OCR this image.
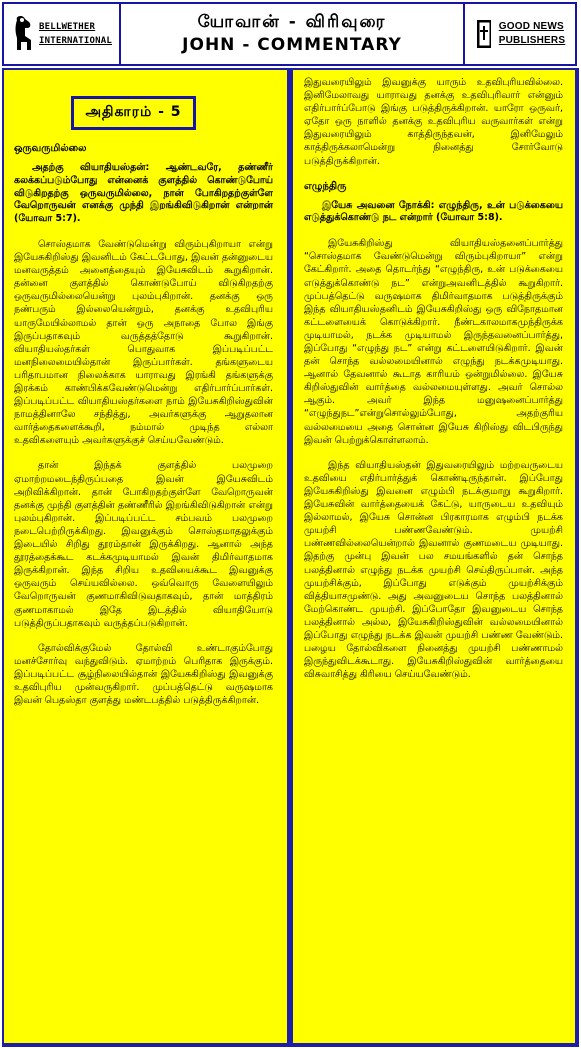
BELLWETHER
INTERNATIONAL
யோவான் - விரிவுரை
JOHN - COMMENTARY
GOOD NEWS
PUBLISHERS
அதிகாரம் - 5

ஒருவருமில்லை

அதற்கு வியாதியஸ்தன்: ஆண்டவரே, தண்ணீர் கலக்கப்படும்போது என்னைக் குளத்தில் கொண்டுபோய் விடுகிறதற்கு ஒருவருமில்லை, நான் போகிறதற்குள்ளே வேறொருவன் எனக்கு முந்தி இறங்கிவிடுகிறான் என்றான் (யோவா 5:7).

சொஸ்தமாக வேண்டுமென்று விரும்புகிறாயா என்று இயேசுகிறிஸ்து இவனிடம் கேட்டபோது, இவன் தன்னுடைய மனவருத்தம் அனைத்தையும் இயேசுவிடம் கூறுகிறான். தன்னை குளத்தில் கொண்டுபோய் விடுகிறதற்கு ஒருவருமில்லையென்று புலம்புகிறான். தனக்கு ஒரு நண்பரும் இல்லையென்றும், தனக்கு உதவிபுரிய யாருமேயில்லாமல் தான் ஒரு அநாதை போல இங்கு இருப்பதாகவும் வருத்தத்தோடு கூறுகிறான். வியாதியஸ்தர்கள் பொதுவாக இப்படிப்பட்ட மனநிலைமையில்தான் இருப்பார்கள். தங்களுடைய பரிதாபமான நிலைக்காக யாராவது இரங்கி தங்களுக்கு இரக்கம் காண்பிக்கவேண்டுமென்று எதிர்பார்ப்பார்கள். இப்படிப்பட்ட வியாதியஸ்தர்களை நாம் இயேசுகிறிஸ்துவின் நாமத்தினாலே சந்தித்து, அவர்களுக்கு ஆறுதலான வார்த்தைகளைக்கூறி, நம்மால் முடிந்த எல்லா உதவிகளையும் அவர்களுக்குச் செய்யவேண்டும்.

தான் இந்தக் குளத்தில் பலமுறை ஏமாற்றமடைந்திருப்பதை இவன் இயேசுவிடம் அறிவிக்கிறான். தான் போகிறதற்குள்ளே வேறொருவன் தனக்கு முந்தி குளத்தின் தண்ணீரில் இறங்கிவிடுகிறான் என்று புலம்புகிறான். இப்படிப்பட்ட சம்பவம் பலமுறை நடைபெற்றிருக்கிறது. இவனுக்கும் சொஸ்தமாதலுக்கும் இடையில் சிறிது தூரம்தான் இருக்கிறது. ஆனால் அந்த தூரத்தைக்கூட கடக்கமுடியாமல் இவன் திமிர்வாதமாக இருக்கிறான். இந்த சிறிய உதவியைக்கூட இவனுக்கு ஒருவரும் செய்யவில்லை. ஒவ்வொரு வேளையிலும் வேறொருவன் குணமாகிவிடுவதாகவும், தான் மாத்திரம் குணமாகாமல் இதே இடத்தில் வியாதியோடு படுத்திருப்பதாகவும் வருத்தப்படுகிறான்.

தோல்விக்குமேல் தோல்வி உண்டாகும்போது மனச்சோர்வு வந்துவிடும். ஏமாற்றம் பெரிதாக இருக்கும். இப்படிப்பட்ட சூழ்நிலையில்தான் இயேசுகிறிஸ்து இவனுக்கு உதவிபுரிய முன்வருகிறார். முப்பத்தெட்டு வருஷமாக இவன் பெதஸ்தா குளத்து மண்டபத்தில் படுத்திருக்கிறான்.

இதுவரையிலும் இவனுக்கு யாரும் உதவிபுரியவில்லை. இனிமேலாவது யாராவது தனக்கு உதவிபுரிவார் என்னும் எதிர்பார்ப்போடு இங்கு படுத்திருக்கிறான். யாரோ ஒருவர், ஏதோ ஒரு நாளில் தனக்கு உதவிபுரிய வருவார்கள் என்று இதுவரையிலும் காத்திருந்தவன், இனிமேலும் காத்திருக்கலாமென்று நினைத்து சோர்வோடு படுத்திருக்கிறான்.

எழுந்திரு

இயேசு அவனை நோக்கி: எழுந்திரு, உன் படுக்கையை எடுத்துக்கொண்டு நட என்றார் (யோவா 5:8).

இயேசுகிறிஸ்து வியாதியஸ்தனைப்பார்த்து “சொஸ்தமாக வேண்டுமென்று விரும்புகிறாயா” என்று கேட்கிறார். அதை தொடர்ந்து “எழுந்திரு, உன் படுக்கையை எடுத்துக்கொண்டு நட” என்றுஅவனிடத்தில் கூறுகிறார். முப்பத்தெட்டு வருஷமாக திமிர்வாதமாக படுத்திருக்கும் இந்த வியாதியஸ்தனிடம் இயேசுகிறிஸ்து ஒரு விநோதமான கட்டளையைக் கொடுக்கிறார். நீண்டகாலமாகமுந்திருக்க முடியாமல், நடக்க முடியாமல் இருந்தவனைப்பார்த்து, இப்போது “எழுந்து நட” என்று கட்டளையிடுகிறார். இவன் தன் சொந்த வல்லமையினால் எழுந்து நடக்கமுடியாது. ஆனால் தேவனால் கூடாத காரியம் ஒன்றுமில்லை. இயேசு கிறிஸ்துவின் வார்த்தை வல்லமையுள்ளது. அவர் சொல்ல ஆகும். அவர் இந்த மனுஷனைப்பார்த்து “எழுந்துநட”என்றுசொல்லும்போது, அதற்குரிய வல்லமையை அதை சொன்ன இயேசு கிறிஸ்து விடபிருந்து இவன் பெற்றுக்கொள்ளலாம்.

இந்த வியாதியஸ்தன் இதுவரையிலும் மற்றவருடைய உதவியை எதிர்பார்த்துக் கொண்டிருந்தான். இப்போது இயேசுகிறிஸ்து இவனை எழும்பி நடக்குமாறு கூறுகிறார். இயேசுவின் வார்த்தையைக் கேட்டு, யாருடைய உதவியும் இல்லாமல், இயேசு சொன்ன பிரகாரமாக எழும்பி நடக்க முயற்சி பண்ணவேண்டும். முயற்சி பண்ணவில்லையென்றால் இவனால் குணமடைய முடியாது. இதற்கு முன்பு இவன் பல சமயங்களில் தன் சொந்த பலத்தினால் எழுந்து நடக்க முயற்சி செய்திருப்பான். அந்த முயற்சிக்கும், இப்போது எடுக்கும் முயற்சிக்கும் வித்தியாசமுண்டு. அது அவனுடைய சொந்த பலத்தினால் மேற்கொண்ட முயற்சி. இப்போதோ இவனுடைய சொந்த பலத்தினால் அல்ல, இயேசுகிறிஸ்துவின் வல்லமையினால் இப்போது எழுந்து நடக்க இவன் முயற்சி பண்ண வேண்டும். பழைய தோல்விகளை நினைத்து முயற்சி பண்ணாமல் இருந்துவிடக்கூடாது. இயேசுகிறிஸ்துவின் வார்த்தையை விசுவாசித்து கிரியை செய்யவேண்டும்.
